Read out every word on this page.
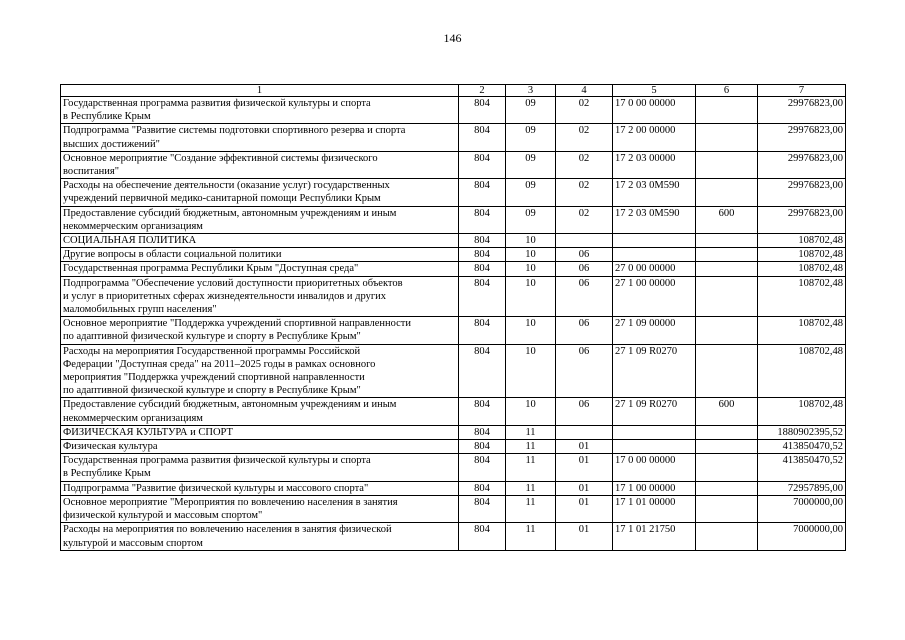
146
1	2	3	4	5	6	7
Государственная программа развития физической культуры и спорта
в Республике Крым	804	09	02	17 0 00 00000		29976823,00
Подпрограмма "Развитие системы подготовки спортивного резерва и спорта
высших достижений"	804	09	02	17 2 00 00000		29976823,00
Основное мероприятие "Создание эффективной системы физического
воспитания"	804	09	02	17 2 03 00000		29976823,00
Расходы на обеспечение деятельности (оказание услуг) государственных
учреждений первичной медико-санитарной помощи Республики Крым	804	09	02	17 2 03 0М590		29976823,00
Предоставление субсидий бюджетным, автономным учреждениям и иным
некоммерческим организациям	804	09	02	17 2 03 0М590	600	29976823,00
СОЦИАЛЬНАЯ ПОЛИТИКА	804	10				108702,48
Другие вопросы в области социальной политики	804	10	06			108702,48
Государственная программа Республики Крым "Доступная среда"	804	10	06	27 0 00 00000		108702,48
Подпрограмма "Обеспечение условий доступности приоритетных объектов
и услуг в приоритетных сферах жизнедеятельности инвалидов и других
маломобильных групп населения"	804	10	06	27 1 00 00000		108702,48
Основное мероприятие "Поддержка учреждений спортивной направленности
по адаптивной физической культуре и спорту в Республике Крым"	804	10	06	27 1 09 00000		108702,48
Расходы на мероприятия Государственной программы Российской
Федерации "Доступная среда" на 2011–2025 годы в рамках основного
мероприятия "Поддержка учреждений спортивной направленности
по адаптивной физической культуре и спорту в Республике Крым"	804	10	06	27 1 09 R0270		108702,48
Предоставление субсидий бюджетным, автономным учреждениям и иным
некоммерческим организациям	804	10	06	27 1 09 R0270	600	108702,48
ФИЗИЧЕСКАЯ КУЛЬТУРА и СПОРТ	804	11				1880902395,52
Физическая культура	804	11	01			413850470,52
Государственная программа развития физической культуры и спорта
в Республике Крым	804	11	01	17 0 00 00000		413850470,52
Подпрограмма "Развитие физической культуры и массового спорта"	804	11	01	17 1 00 00000		72957895,00
Основное мероприятие "Мероприятия по вовлечению населения в занятия
физической культурой и массовым спортом"	804	11	01	17 1 01 00000		7000000,00
Расходы на мероприятия по вовлечению населения в занятия физической
культурой и массовым спортом	804	11	01	17 1 01 21750		7000000,00
